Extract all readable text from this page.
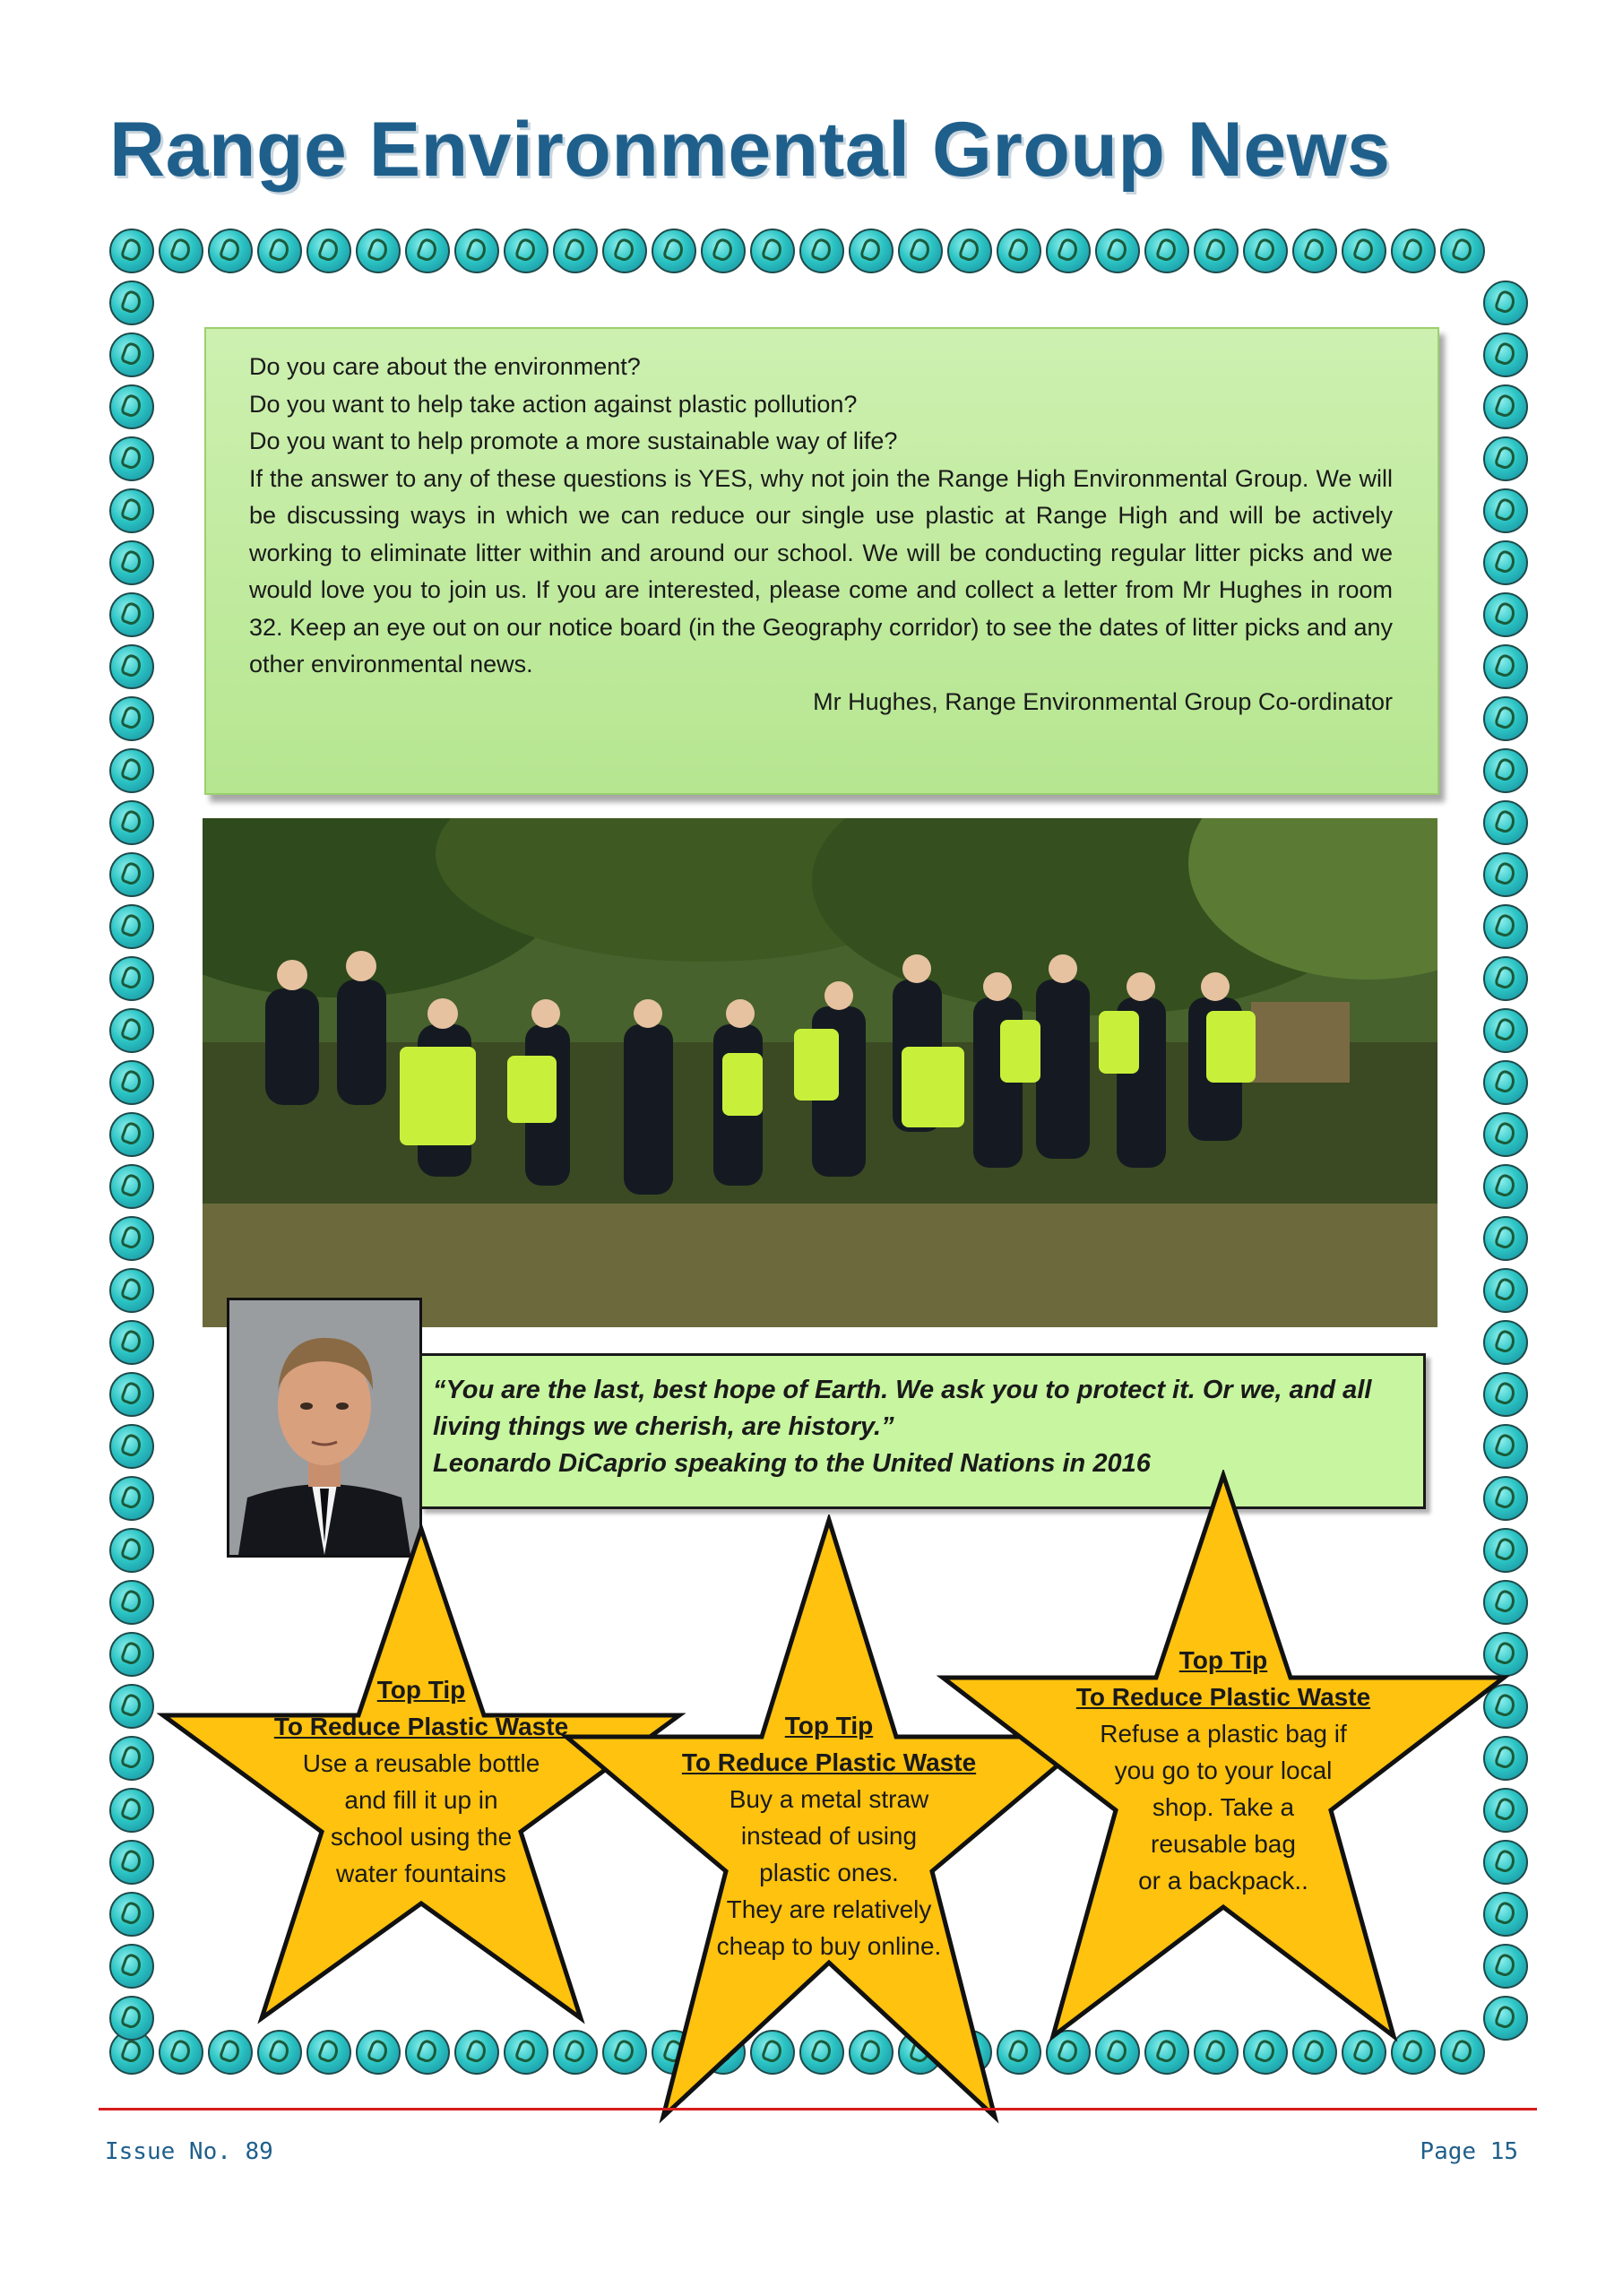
Range Environmental Group News

Do you care about the environment?

Do you want to help take action against plastic pollution?

Do you want to help promote a more sustainable way of life?

If the answer to any of these questions is YES, why not join the Range High Environmental Group. We will be discussing ways in which we can reduce our single use plastic at Range High and will be actively working to eliminate litter within and around our school. We will be conducting regular litter picks and we would love you to join us. If you are interested, please come and collect a letter from Mr Hughes in room 32. Keep an eye out on our notice board (in the Geography corridor) to see the dates of litter picks and any other environmental news.

Mr Hughes, Range Environmental Group Co-ordinator

“You are the last, best hope of Earth. We ask you to protect it. Or we, and all

living things we cherish, are history.”

Leonardo DiCaprio speaking to the United Nations in 2016

Top Tip
To Reduce Plastic Waste
Use a reusable bottle
and fill it up in
school using the
water fountains
Top Tip
To Reduce Plastic Waste
Buy a metal straw
instead of using
plastic ones.
They are relatively
cheap to buy online.
Top Tip
To Reduce Plastic Waste
Refuse a plastic bag if
you go to your local
shop. Take a
reusable bag
or a backpack..
Issue No. 89	Page 15
